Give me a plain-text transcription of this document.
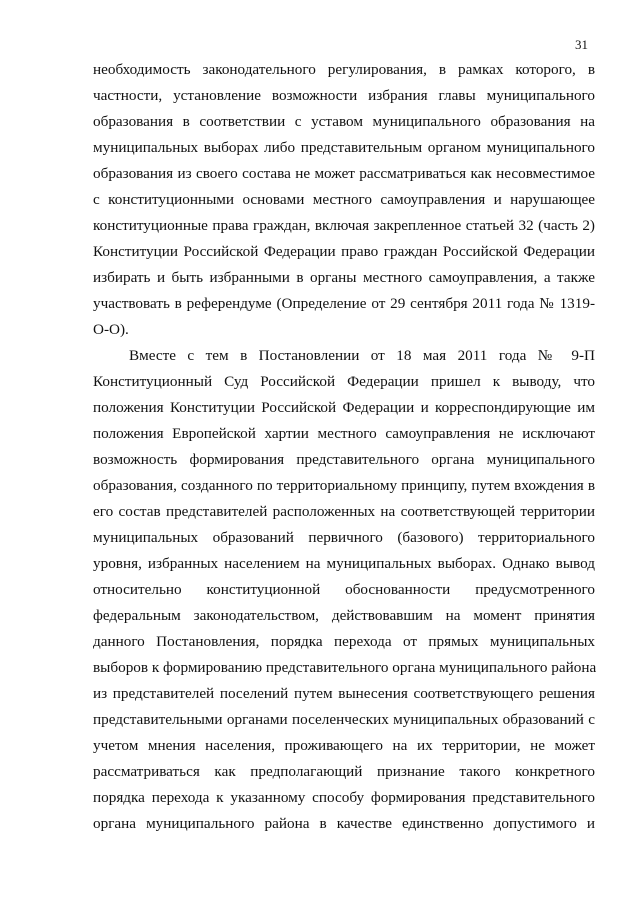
31
необходимость законодательного регулирования, в рамках которого, в
частности, установление возможности избрания главы муниципального
образования в соответствии с уставом муниципального образования на
муниципальных выборах либо представительным органом муниципального
образования из своего состава не может рассматриваться как несовместимое
с конституционными основами местного самоуправления и нарушающее
конституционные права граждан, включая закрепленное статьей 32 (часть 2)
Конституции Российской Федерации право граждан Российской Федерации
избирать и быть избранными в органы местного самоуправления, а также
участвовать в референдуме (Определение от 29 сентября 2011 года № 1319-
О-О).
Вместе с тем в Постановлении от 18 мая 2011 года № 9-П
Конституционный Суд Российской Федерации пришел к выводу, что
положения Конституции Российской Федерации и корреспондирующие им
положения Европейской хартии местного самоуправления не исключают
возможность формирования представительного органа муниципального
образования, созданного по территориальному принципу, путем вхождения в
его состав представителей расположенных на соответствующей территории
муниципальных образований первичного (базового) территориального
уровня, избранных населением на муниципальных выборах. Однако вывод
относительно конституционной обоснованности предусмотренного
федеральным законодательством, действовавшим на момент принятия
данного Постановления, порядка перехода от прямых муниципальных
выборов к формированию представительного органа муниципального района
из представителей поселений путем вынесения соответствующего решения
представительными органами поселенческих муниципальных образований с
учетом мнения населения, проживающего на их территории, не может
рассматриваться как предполагающий признание такого конкретного
порядка перехода к указанному способу формирования представительного
органа муниципального района в качестве единственно допустимого и
